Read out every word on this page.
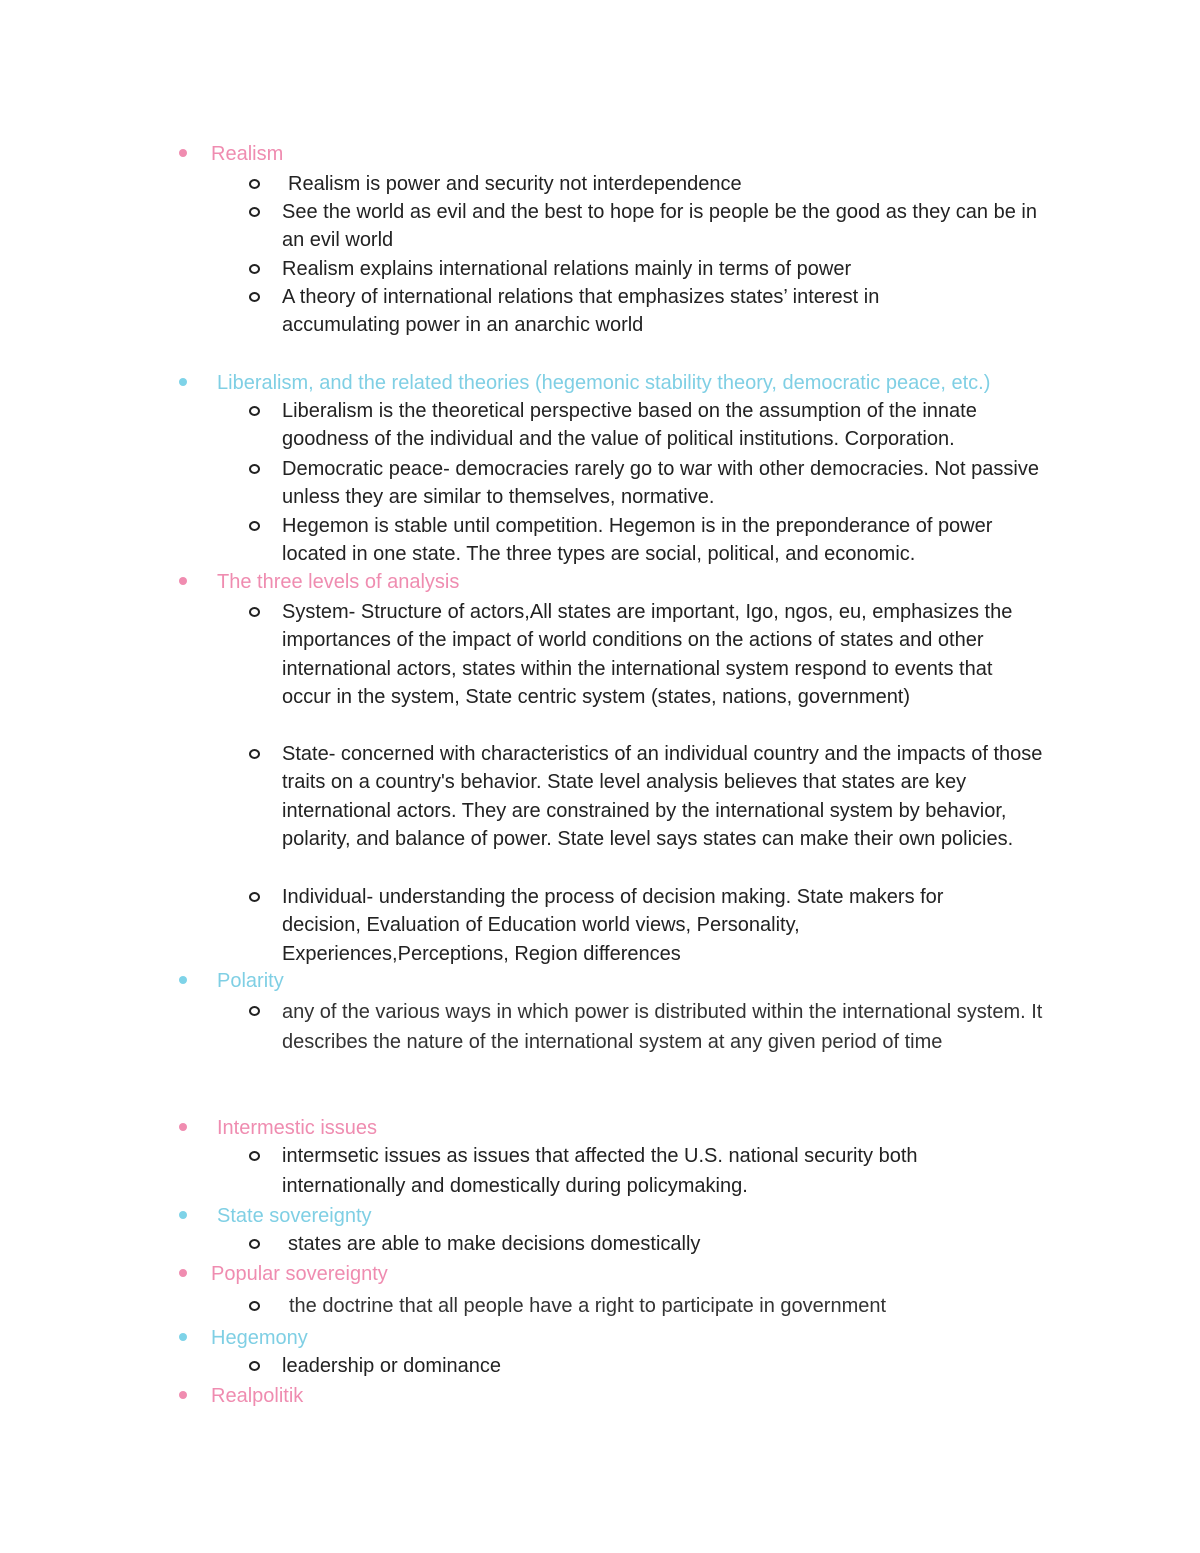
Realism
Realism is power and security not interdependence
See the world as evil and the best to hope for is people be the good as they can be in an evil world
Realism explains international relations mainly in terms of power
A theory of international relations that emphasizes states’ interest in accumulating power in an anarchic world
Liberalism, and the related theories (hegemonic stability theory, democratic peace, etc.)
Liberalism is the theoretical perspective based on the assumption of the innate goodness of the individual and the value of political institutions. Corporation.
Democratic peace- democracies rarely go to war with other democracies. Not passive unless they are similar to themselves, normative.
Hegemon is stable until competition. Hegemon is in the preponderance of power located in one state. The three types are social, political, and economic.
The three levels of analysis
System- Structure of actors,All states are important, Igo, ngos, eu, emphasizes the importances of the impact of world conditions on the actions of states and other international actors, states within the international system respond to events that occur in the system, State centric system (states, nations, government)
State- concerned with characteristics of an individual country and the impacts of those traits on a country's behavior. State level analysis believes that states are key international actors. They are constrained by the international system by behavior, polarity, and balance of power. State level says states can make their own policies.
Individual- understanding the process of decision making. State makers for decision, Evaluation of Education world views, Personality, Experiences,Perceptions, Region differences
Polarity
any of the various ways in which power is distributed within the international system. It describes the nature of the international system at any given period of time
Intermestic issues
intermsetic issues as issues that affected the U.S. national security both internationally and domestically during policymaking.
State sovereignty
states are able to make decisions domestically
Popular sovereignty
the doctrine that all people have a right to participate in government
Hegemony
leadership or dominance
Realpolitik
